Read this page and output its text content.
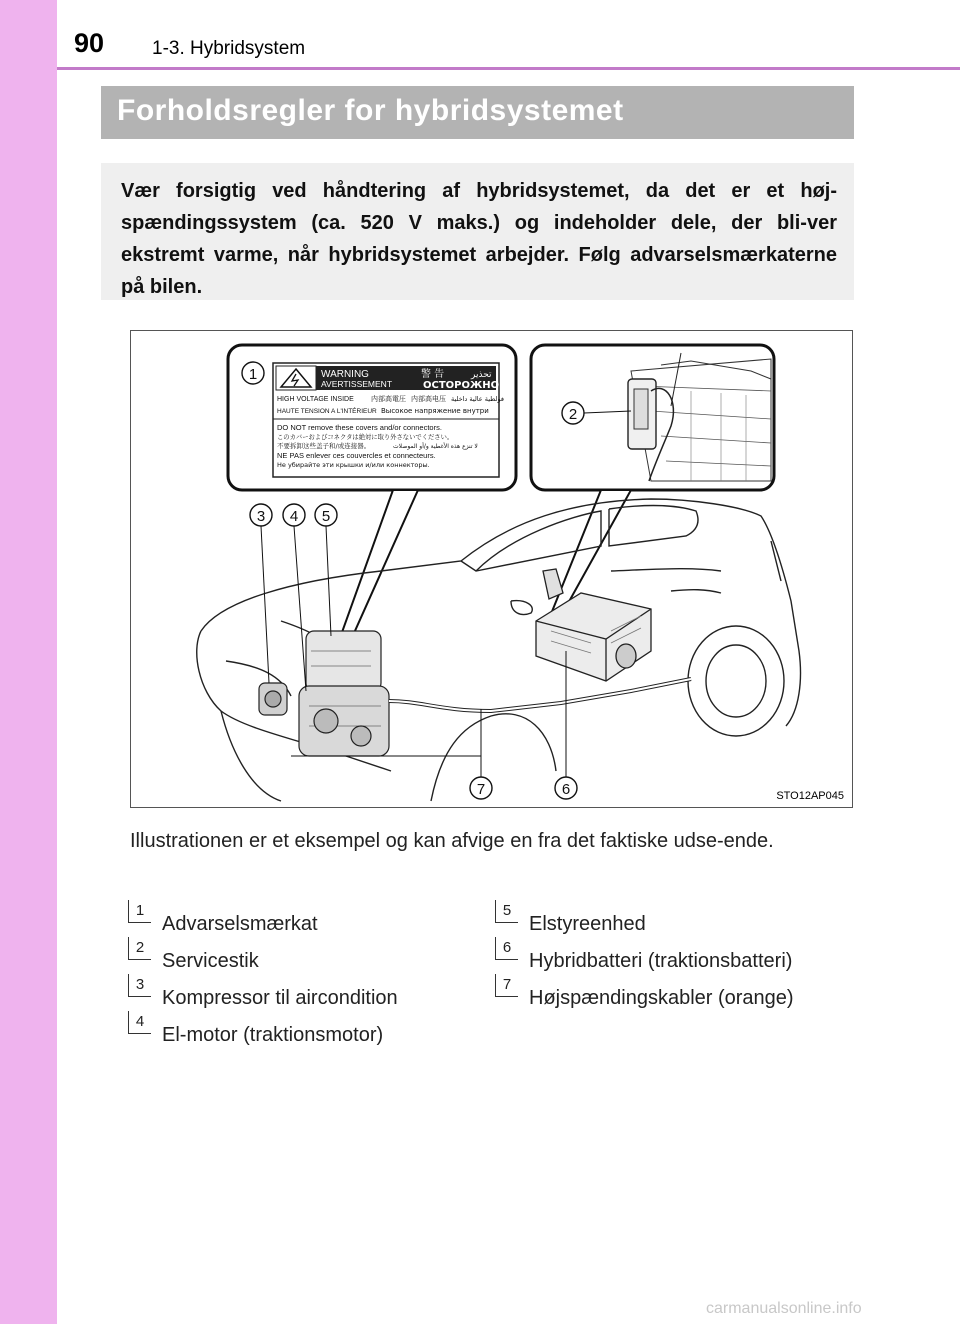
90	1-3. Hybridsystem
Forholdsregler for hybridsystemet
Vær forsigtig ved håndtering af hybridsystemet, da det er et høj-spændingssystem (ca. 520 V maks.) og indeholder dele, der bli-ver ekstremt varme, når hybridsystemet arbejder. Følg advarselsmærkaterne på bilen.
WARNING	警 告	تحذير
AVERTISSEMENT	ОСТОРОЖНО
HIGH VOLTAGE INSIDE 内部高電圧 内部高电压 فولطية عالية داخلية
HAUTE TENSION A L'INTÉRIEUR Высокое напряжение внутри
DO NOT remove these covers and/or connectors.
このカバーおよびコネクタは絶対に取り外さないでください。
不要拆卸这些盖子和/或连接器。	لا تنزع هذه الأغطية و/أو الموصلات
NE PAS enlever ces couvercles et connecteurs.
Не убирайте эти крышки и/или коннекторы.
1
2
3 4 5
7	6	STO12AP045
Illustrationen er et eksempel og kan afvige en fra det faktiske udse-ende.
1
Advarselsmærkat
2
Servicestik
3
Kompressor til aircondition
4
El-motor (traktionsmotor)
5
Elstyreenhed
6
Hybridbatteri (traktionsbatteri)
7
Højspændingskabler (orange)
carmanualsonline.info
